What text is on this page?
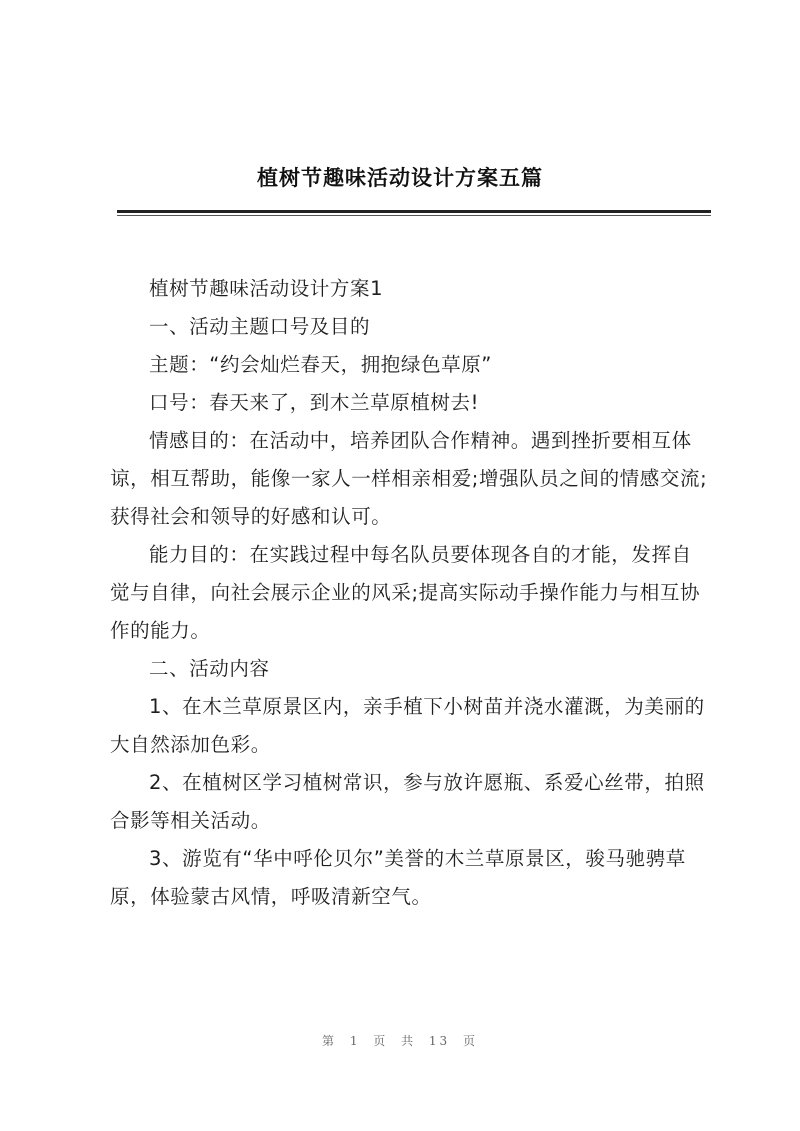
植树节趣味活动设计方案五篇

植树节趣味活动设计方案1

一、活动主题口号及目的

主题：“约会灿烂春天，拥抱绿色草原”

口号：春天来了，到木兰草原植树去!

情感目的：在活动中，培养团队合作精神。遇到挫折要相互体谅，相互帮助，能像一家人一样相亲相爱;增强队员之间的情感交流;获得社会和领导的好感和认可。

能力目的：在实践过程中每名队员要体现各自的才能，发挥自觉与自律，向社会展示企业的风采;提高实际动手操作能力与相互协作的能力。

二、活动内容

1、在木兰草原景区内，亲手植下小树苗并浇水灌溉，为美丽的大自然添加色彩。

2、在植树区学习植树常识，参与放许愿瓶、系爱心丝带，拍照合影等相关活动。

3、游览有“华中呼伦贝尔”美誉的木兰草原景区，骏马驰骋草原，体验蒙古风情，呼吸清新空气。

第 1 页 共 13 页
